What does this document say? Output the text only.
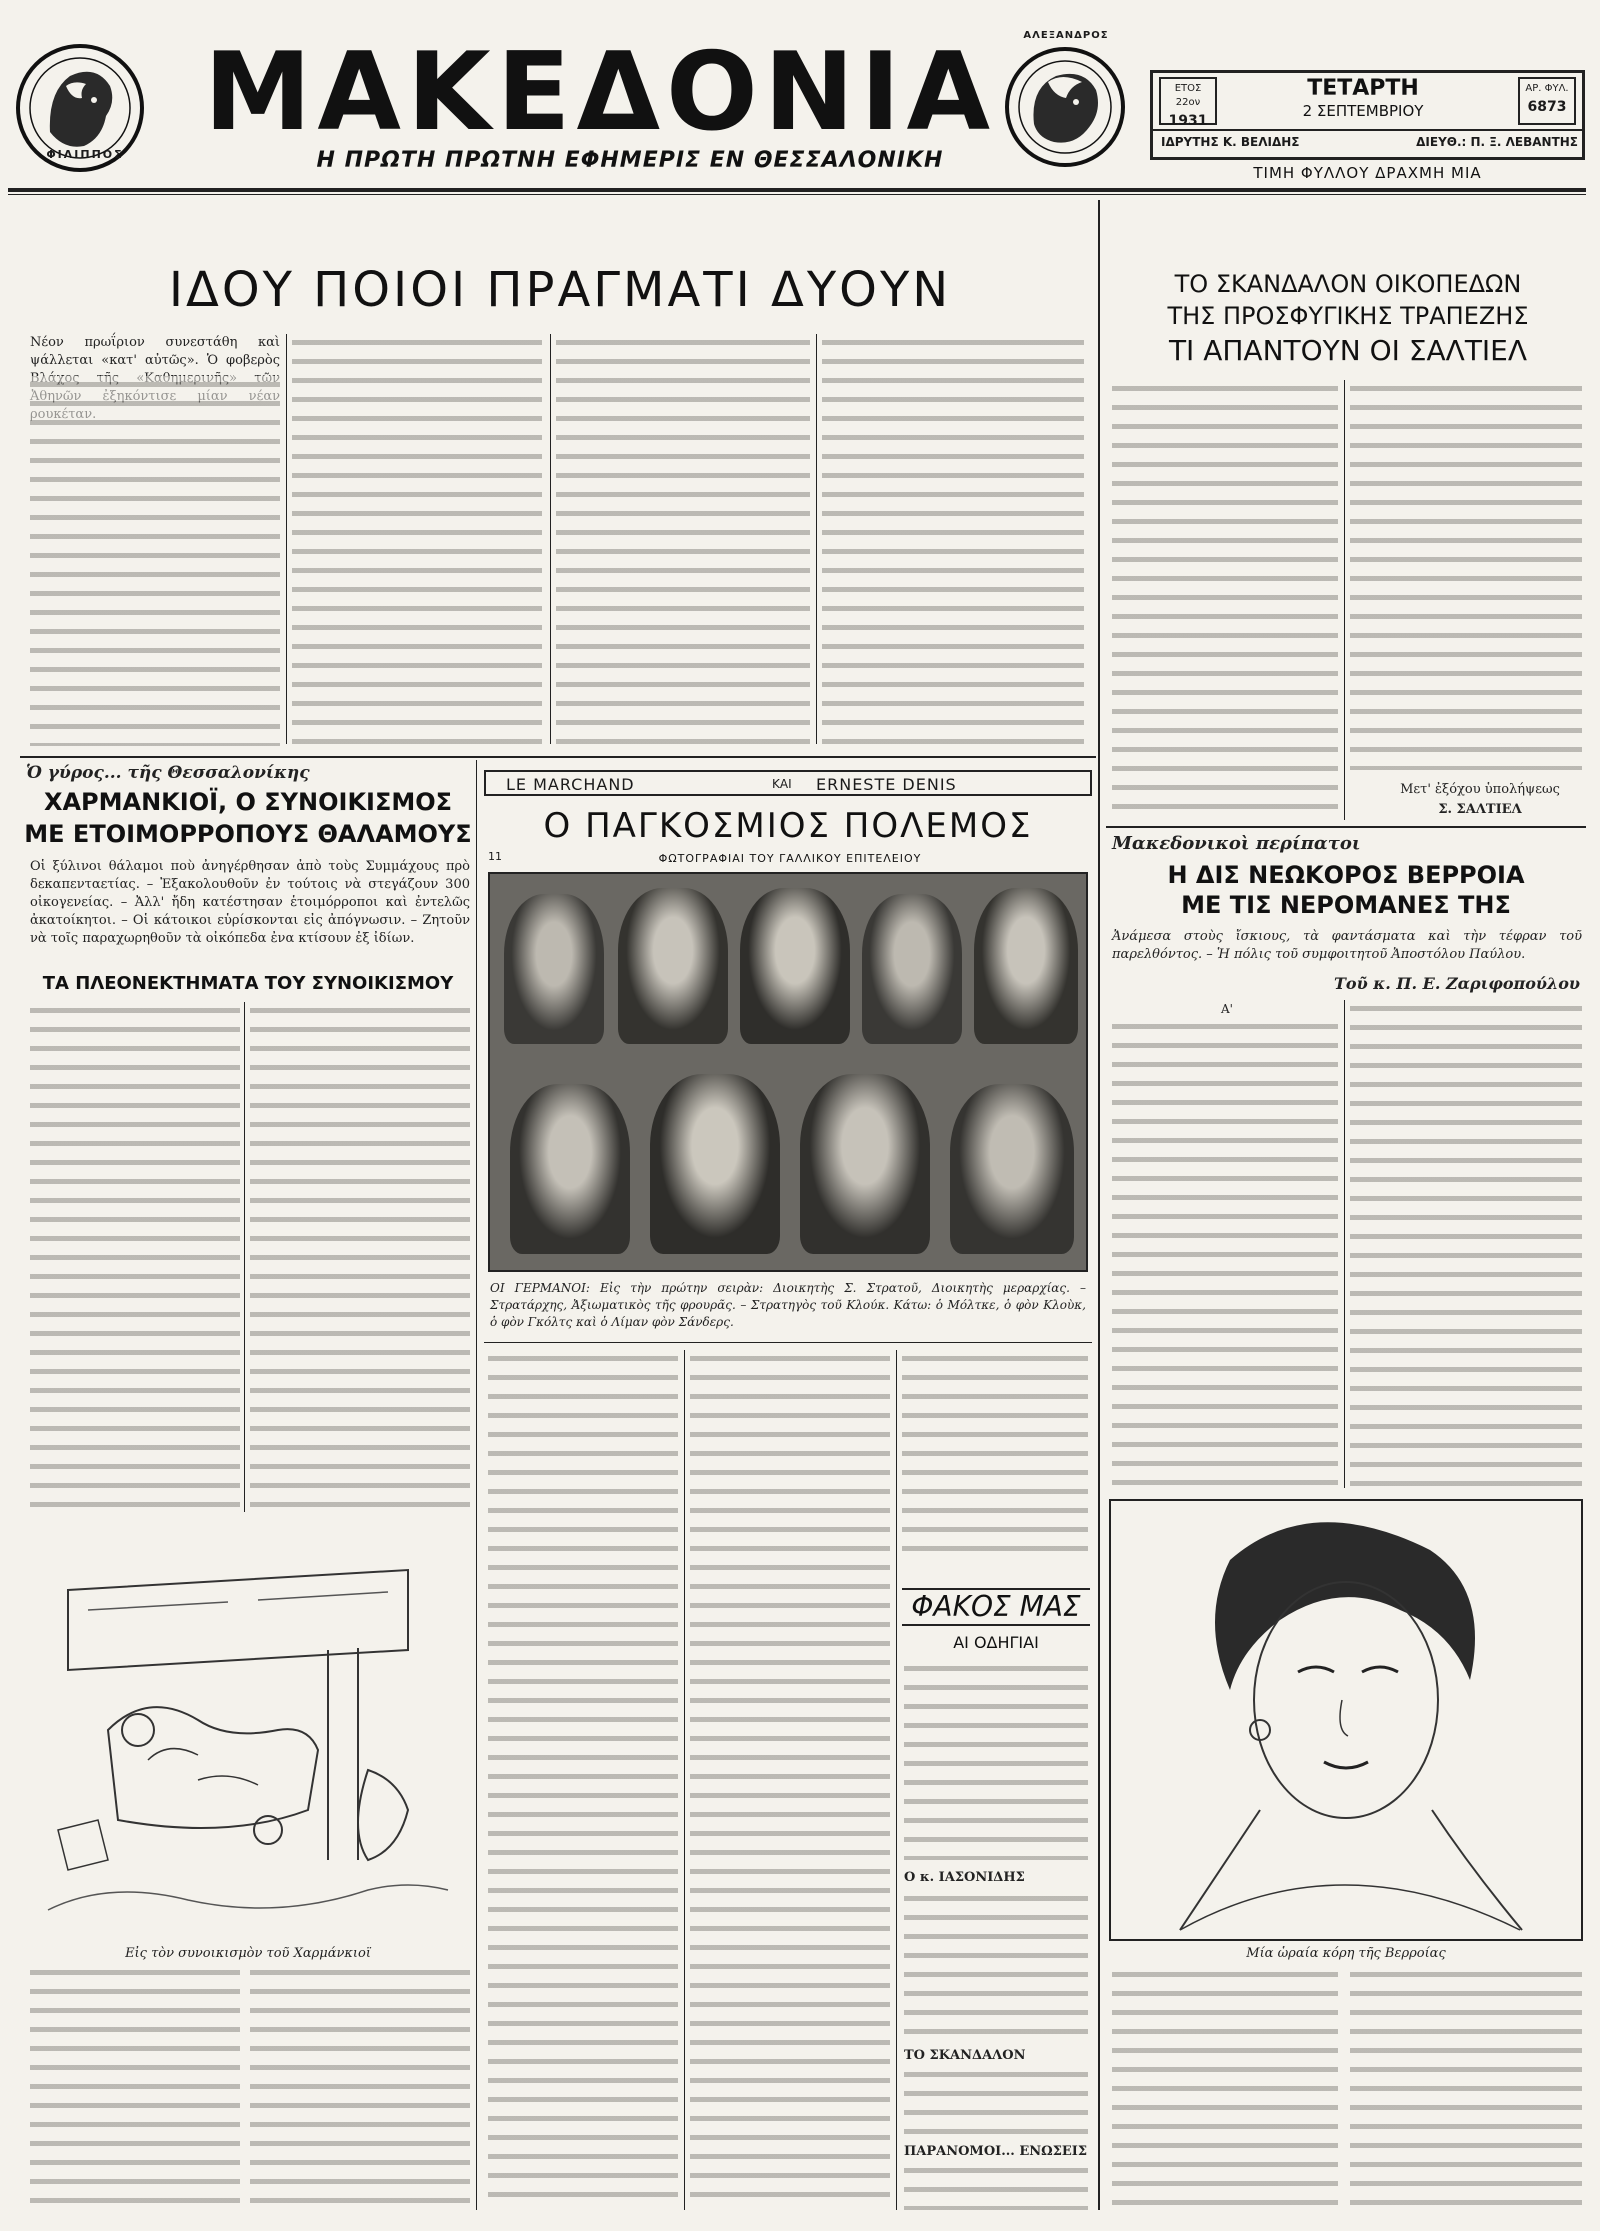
ΦΙΛΙΠΠΟΣ ΜΑΚΕΔΟΝΙΑ
Η ΠΡΩΤΗ ΠΡΩΤΝΗ ΕΦΗΜΕΡΙΣ ΕΝ ΘΕΣΣΑΛΟΝΙΚΗ
ΑΛΕΞΑΝΔΡΟΣ
ΕΤΟΣ 22ον
1931
ΤΕΤΑΡΤΗ
2 ΣΕΠΤΕΜΒΡΙΟΥ
ΑΡ. ΦΥΛ.
6873
ΙΔΡΥΤΗΣ Κ. ΒΕΛΙΔΗΣ	ΔΙΕΥΘ.: Π. Ξ. ΛΕΒΑΝΤΗΣ
ΤΙΜΗ ΦΥΛΛΟΥ ΔΡΑΧΜΗ ΜΙΑ
ΙΔΟΥ ΠΟΙΟΙ ΠΡΑΓΜΑΤΙ ΔΥΟΥΝ
Νέον πρωΐριον συνεστάθη καὶ ψάλλεται «κατ' αὐτῶς». Ὁ φοβερὸς
ΤΟ ΣΚΑΝΔΑΛΟΝ ΟΙΚΟΠΕΔΩΝ
ΤΗΣ ΠΡΟΣΦΥΓΙΚΗΣ ΤΡΑΠΕΖΗΣ
ΤΙ ΑΠΑΝΤΟΥΝ ΟΙ ΣΑΛΤΙΕΛ
Μετ' ἐξόχου ὑπολήψεως
Σ. ΣΑΛΤΙΕΛ
Ὁ γύρος... τῆς Θεσσαλονίκης
ΧΑΡΜΑΝΚΙΟΪ, Ο ΣΥΝΟΙΚΙΣΜΟΣ
ΜΕ ΕΤΟΙΜΟΡΡΟΠΟΥΣ ΘΑΛΑΜΟΥΣ
Οἱ ξύλινοι θάλαμοι ποὺ ἀνηγέρθησαν ἀπὸ τοὺς Συμμάχους πρὸ δεκαπενταετίας. – Ἐξακολουθοῦν ἐν τούτοις νὰ στεγάζουν 300 οἰκογενείας. – Ἀλλ' ἤδη κατέστησαν ἑτοιμόρροποι καὶ ἐντελῶς ἀκατοίκητοι. – Οἱ κάτοικοι εὑρίσκονται εἰς ἀπόγνωσιν. – Ζητοῦν νὰ τοῖς παραχωρηθοῦν τὰ οἰκόπεδα ἐνα κτίσουν ἐξ ἰδίων.
ΤΑ ΠΛΕΟΝΕΚΤΗΜΑΤΑ ΤΟΥ ΣΥΝΟΙΚΙΣΜΟΥ
Εἰς τὸν συνοικισμὸν τοῦ Χαρμάνκιοϊ
LE MARCHAND	ΚΑΙ ERNESTE DENIS
Ο ΠΑΓΚΟΣΜΙΟΣ ΠΟΛΕΜΟΣ
11	ΦΩΤΟΓΡΑΦΙΑΙ ΤΟΥ ΓΑΛΛΙΚΟΥ ΕΠΙΤΕΛΕΙΟΥ
ΟΙ ΓΕΡΜΑΝΟΙ: Εἰς τὴν πρώτην σειρὰν: Διοικητὴς Σ. Στρατοῦ, Διοικητὴς μεραρχίας. – Στρατάρχης, Ἀξιωματικὸς τῆς φρουρᾶς. – Στρατηγὸς τοῦ Κλούκ. Κάτω: ὁ Μόλτκε, ὁ φὸν Κλοὺκ, ὁ φὸν Γκόλτς καὶ ὁ Λίμαν φὸν Σάνδερς.
ΦΑΚΟΣ ΜΑΣ
ΑΙ ΟΔΗΓΙΑΙ
Ο κ. ΙΑΣΟΝΙΔΗΣ
ΤΟ ΣΚΑΝΔΑΛΟΝ
ΠΑΡΑΝΟΜΟΙ... ΕΝΩΣΕΙΣ
Μακεδονικοὶ περίπατοι
Η ΔΙΣ ΝΕΩΚΟΡΟΣ ΒΕΡΡΟΙΑ
ΜΕ ΤΙΣ ΝΕΡΟΜΑΝΕΣ ΤΗΣ
Ἀνάμεσα στοὺς ἴσκιους, τὰ φαντάσματα καὶ τὴν τέφραν τοῦ παρελθόντος. – Ἡ πόλις τοῦ συμφοιτητοῦ Ἀποστόλου Παύλου.
Τοῦ κ. Π. Ε. Ζαριφοπούλου
Α'
Μία ὡραία κόρη τῆς Βερροίας
